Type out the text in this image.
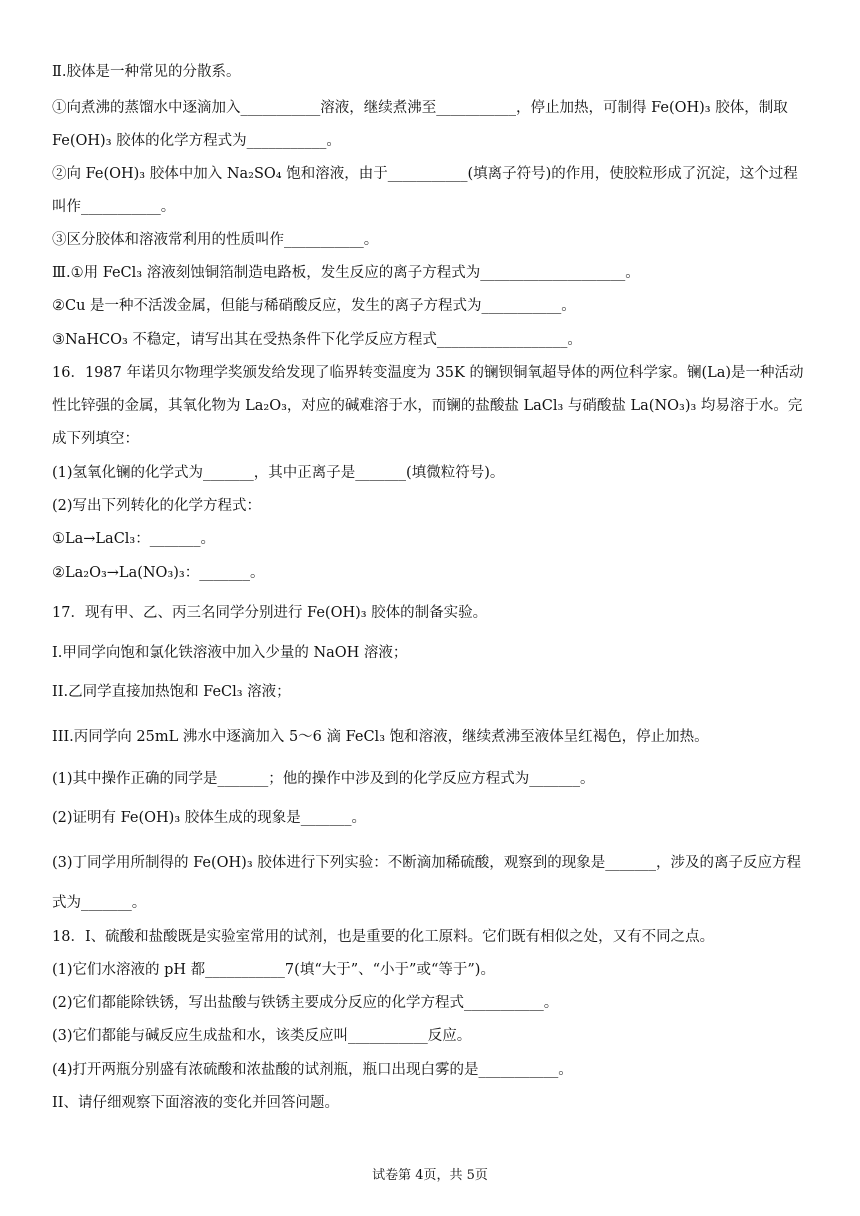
Ⅱ.胶体是一种常见的分散系。
①向煮沸的蒸馏水中逐滴加入___________溶液，继续煮沸至___________，停止加热，可制得 Fe(OH)₃ 胶体，制取
Fe(OH)₃ 胶体的化学方程式为___________。
②向 Fe(OH)₃ 胶体中加入 Na₂SO₄ 饱和溶液，由于___________(填离子符号)的作用，使胶粒形成了沉淀，这个过程
叫作___________。
③区分胶体和溶液常利用的性质叫作___________。
Ⅲ.①用 FeCl₃ 溶液刻蚀铜箔制造电路板，发生反应的离子方程式为____________________。
②Cu 是一种不活泼金属，但能与稀硝酸反应，发生的离子方程式为___________。
③NaHCO₃ 不稳定，请写出其在受热条件下化学反应方程式__________________。
16．1987 年诺贝尔物理学奖颁发给发现了临界转变温度为 35K 的镧钡铜氧超导体的两位科学家。镧(La)是一种活动
性比锌强的金属，其氧化物为 La₂O₃，对应的碱难溶于水，而镧的盐酸盐 LaCl₃ 与硝酸盐 La(NO₃)₃ 均易溶于水。完
成下列填空：
(1)氢氧化镧的化学式为_______，其中正离子是_______(填微粒符号)。
(2)写出下列转化的化学方程式：
①La→LaCl₃：_______。
②La₂O₃→La(NO₃)₃：_______。
17．现有甲、乙、丙三名同学分别进行 Fe(OH)₃ 胶体的制备实验。
I.甲同学向饱和氯化铁溶液中加入少量的 NaOH 溶液；
II.乙同学直接加热饱和 FeCl₃ 溶液；
III.丙同学向 25mL 沸水中逐滴加入 5～6 滴 FeCl₃ 饱和溶液，继续煮沸至液体呈红褐色，停止加热。
(1)其中操作正确的同学是_______；他的操作中涉及到的化学反应方程式为_______。
(2)证明有 Fe(OH)₃ 胶体生成的现象是_______。
(3)丁同学用所制得的 Fe(OH)₃ 胶体进行下列实验：不断滴加稀硫酸，观察到的现象是_______，涉及的离子反应方程
式为_______。
18．I、硫酸和盐酸既是实验室常用的试剂，也是重要的化工原料。它们既有相似之处，又有不同之点。
(1)它们水溶液的 pH 都___________7(填“大于”、“小于”或“等于”)。
(2)它们都能除铁锈，写出盐酸与铁锈主要成分反应的化学方程式___________。
(3)它们都能与碱反应生成盐和水，该类反应叫___________反应。
(4)打开两瓶分别盛有浓硫酸和浓盐酸的试剂瓶，瓶口出现白雾的是___________。
II、请仔细观察下面溶液的变化并回答问题。
试卷第 4页，共 5页
